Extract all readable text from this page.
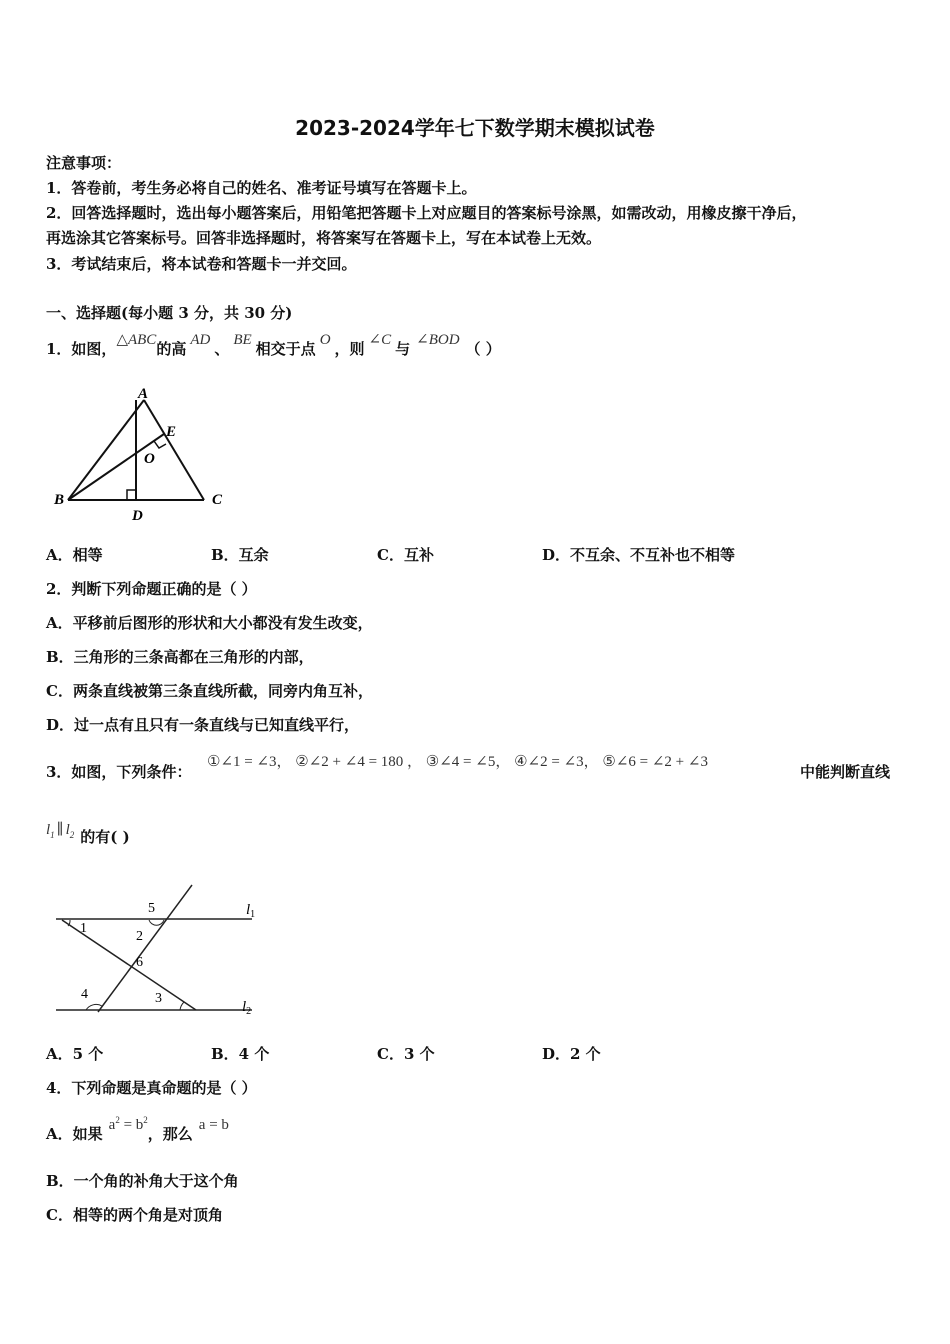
2023-2024学年七下数学期末模拟试卷
注意事项：
1．答卷前，考生务必将自己的姓名、准考证号填写在答题卡上。
2．回答选择题时，选出每小题答案后，用铅笔把答题卡上对应题目的答案标号涂黑，如需改动，用橡皮擦干净后，
再选涂其它答案标号。回答非选择题时，将答案写在答题卡上，写在本试卷上无效。
3．考试结束后，将本试卷和答题卡一并交回。
一、选择题(每小题 3 分，共 30 分)
1．如图，△ABC的高 AD 、 BE 相交于点 O ，则 ∠C 与 ∠BOD （ ）
A
B	C
D
E
O
A．相等	B．互余	C．互补	D．不互余、不互补也不相等
2．判断下列命题正确的是（ ）
A．平移前后图形的形状和大小都没有发生改变，
B．三角形的三条高都在三角形的内部，
C．两条直线被第三条直线所截，同旁内角互补，
D．过一点有且只有一条直线与已知直线平行，
3．如图，下列条件：
①∠1 = ∠3， ②∠2 + ∠4 = 180 ， ③∠4 = ∠5， ④∠2 = ∠3， ⑤∠6 = ∠2 + ∠3
中能判断直线
$l_1$ ∥ $l_2$ 的有( )
1
2
3
4
5
6
$l_1$
$l_2$
A．5 个	B．4 个	C．3 个	D．2 个
4．下列命题是真命题的是（ ）
A．如果 $a^2 = b^2$，那么 a = b
B．一个角的补角大于这个角
C．相等的两个角是对顶角
